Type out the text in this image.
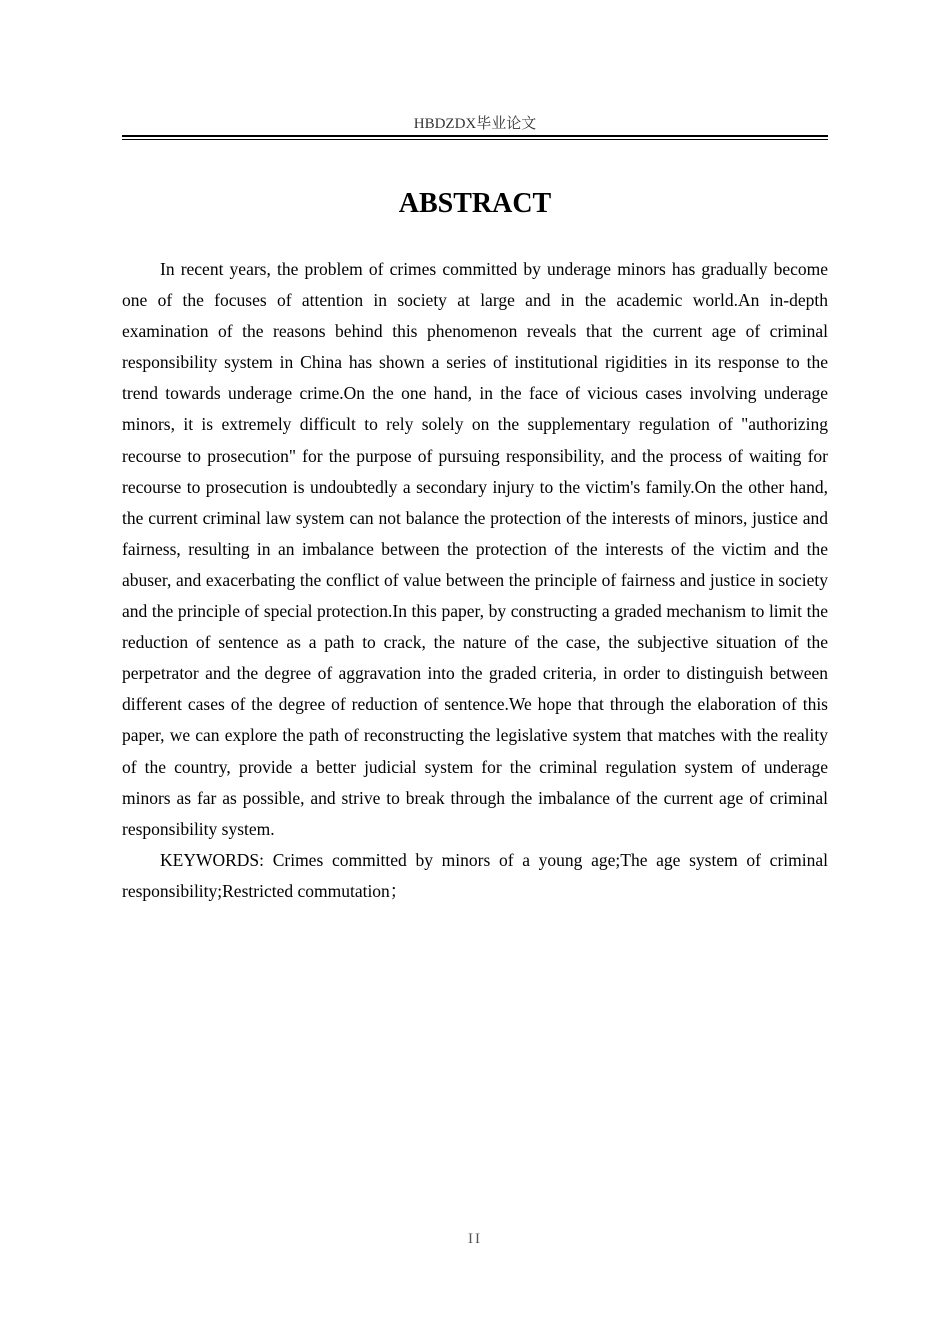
HBDZDX毕业论文
ABSTRACT

In recent years, the problem of crimes committed by underage minors has gradually become one of the focuses of attention in society at large and in the academic world.An in-depth examination of the reasons behind this phenomenon reveals that the current age of criminal responsibility system in China has shown a series of institutional rigidities in its response to the trend towards underage crime.On the one hand, in the face of vicious cases involving underage minors, it is extremely difficult to rely solely on the supplementary regulation of "authorizing recourse to prosecution" for the purpose of pursuing responsibility, and the process of waiting for recourse to prosecution is undoubtedly a secondary injury to the victim's family.On the other hand, the current criminal law system can not balance the protection of the interests of minors, justice and fairness, resulting in an imbalance between the protection of the interests of the victim and the abuser, and exacerbating the conflict of value between the principle of fairness and justice in society and the principle of special protection.In this paper, by constructing a graded mechanism to limit the reduction of sentence as a path to crack, the nature of the case, the subjective situation of the perpetrator and the degree of aggravation into the graded criteria, in order to distinguish between different cases of the degree of reduction of sentence.We hope that through the elaboration of this paper, we can explore the path of reconstructing the legislative system that matches with the reality of the country, provide a better judicial system for the criminal regulation system of underage minors as far as possible, and strive to break through the imbalance of the current age of criminal responsibility system.

KEYWORDS: Crimes committed by minors of a young age;The age system of criminal responsibility;Restricted commutation；

II
